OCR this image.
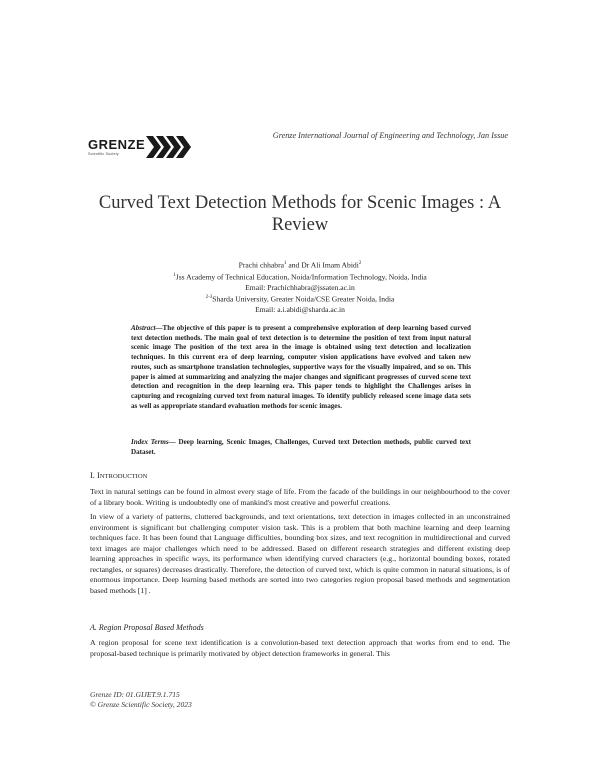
Grenze International Journal of Engineering and Technology, Jan Issue
GRENZE
Scientific Society
Curved Text Detection Methods for Scenic Images : A
Review
Prachi chhabra$^1$ and Dr Ali Imam Abidi$^2$
$^1$Jss Academy of Technical Education, Noida/Information Technology, Noida, India
Email: Prachichhabra@jssaten.ac.in
$^{2-3}$Sharda University, Greater Noida/CSE Greater Noida, India
Email: a.i.abidi@sharda.ac.in
Abstract—The objective of this paper is to present a comprehensive exploration of deep learning based curved text detection methods. The main goal of text detection is to determine the position of text from input natural scenic image The position of the text area in the image is obtained using text detection and localization techniques. In this current era of deep learning, computer vision applications have evolved and taken new routes, such as smartphone translation technologies, supportive ways for the visually impaired, and so on. This paper is aimed at summarizing and analyzing the major changes and significant progresses of curved scene text detection and recognition in the deep learning era. This paper tends to highlight the Challenges arises in capturing and recognizing curved text from natural images. To identify publicly released scene image data sets as well as appropriate standard evaluation methods for scenic images.
Index Terms— Deep learning, Scenic Images, Challenges, Curved text Detection methods, public curved text Dataset.
I. INTRODUCTION
Text in natural settings can be found in almost every stage of life. From the facade of the buildings in our neighbourhood to the cover of a library book. Writing is undoubtedly one of mankind's most creative and powerful creations.
In view of a variety of patterns, cluttered backgrounds, and text orientations, text detection in images collected in an unconstrained environment is significant but challenging computer vision task. This is a problem that both machine learning and deep learning techniques face. It has been found that Language difficulties, bounding box sizes, and text recognition in multidirectional and curved text images are major challenges which need to be addressed. Based on different research strategies and different existing deep learning approaches in specific ways, its performance when identifying curved characters (e.g., horizontal bounding boxes, rotated rectangles, or squares) decreases drastically. Therefore, the detection of curved text, which is quite common in natural situations, is of enormous importance. Deep learning based methods are sorted into two categories region proposal based methods and segmentation based methods [1] .
A. Region Proposal Based Methods
A region proposal for scene text identification is a convolution-based text detection approach that works from end to end. The proposal-based technique is primarily motivated by object detection frameworks in general. This
Grenze ID: 01.GIJET.9.1.715
© Grenze Scientific Society, 2023
